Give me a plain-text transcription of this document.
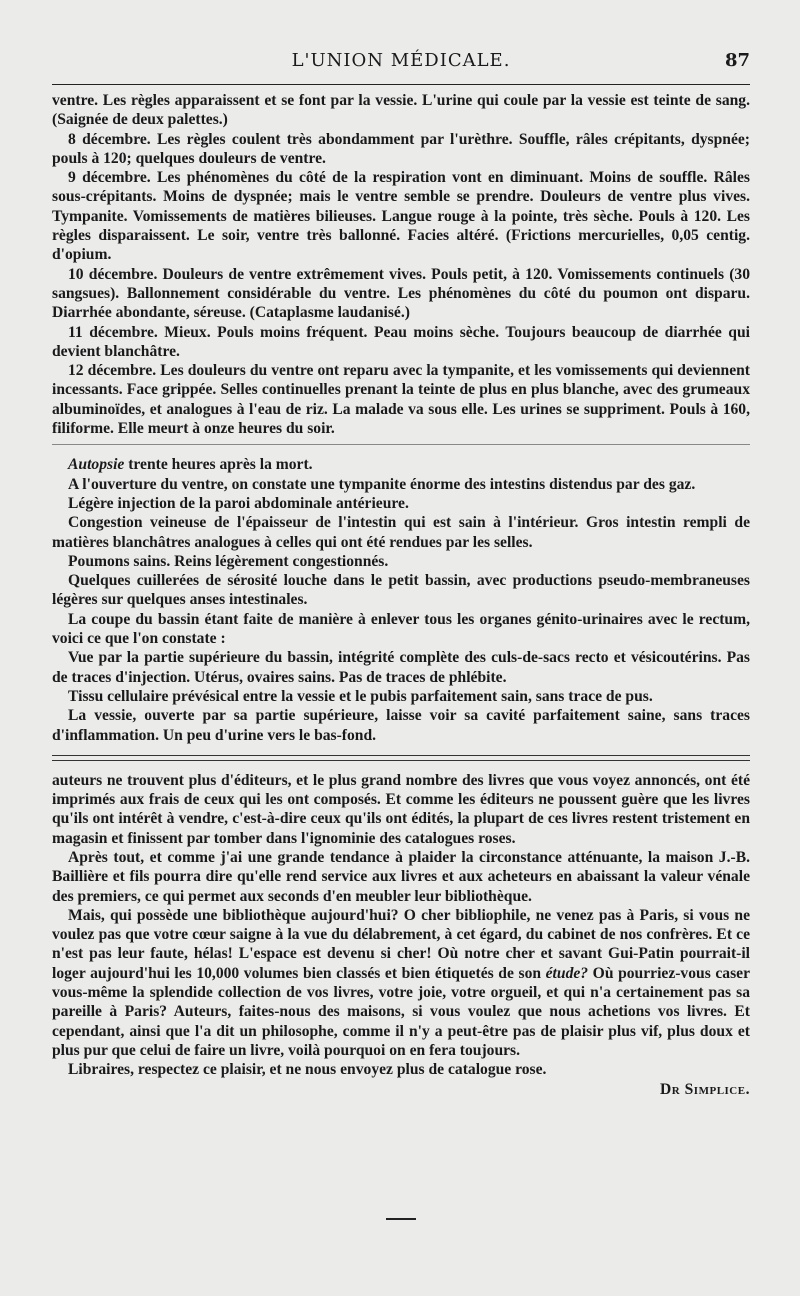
L'UNION MÉDICALE.	87

ventre. Les règles apparaissent et se font par la vessie. L'urine qui coule par la vessie est teinte de sang. (Saignée de deux palettes.)

8 décembre. Les règles coulent très abondamment par l'urèthre. Souffle, râles crépitants, dyspnée; pouls à 120; quelques douleurs de ventre.

9 décembre. Les phénomènes du côté de la respiration vont en diminuant. Moins de souffle. Râles sous-crépitants. Moins de dyspnée; mais le ventre semble se prendre. Douleurs de ventre plus vives. Tympanite. Vomissements de matières bilieuses. Langue rouge à la pointe, très sèche. Pouls à 120. Les règles disparaissent. Le soir, ventre très ballonné. Facies altéré. (Frictions mercurielles, 0,05 centig. d'opium.

10 décembre. Douleurs de ventre extrêmement vives. Pouls petit, à 120. Vomissements continuels (30 sangsues). Ballonnement considérable du ventre. Les phénomènes du côté du poumon ont disparu. Diarrhée abondante, séreuse. (Cataplasme laudanisé.)

11 décembre. Mieux. Pouls moins fréquent. Peau moins sèche. Toujours beaucoup de diarrhée qui devient blanchâtre.

12 décembre. Les douleurs du ventre ont reparu avec la tympanite, et les vomissements qui deviennent incessants. Face grippée. Selles continuelles prenant la teinte de plus en plus blanche, avec des grumeaux albuminoïdes, et analogues à l'eau de riz. La malade va sous elle. Les urines se suppriment. Pouls à 160, filiforme. Elle meurt à onze heures du soir.

Autopsie trente heures après la mort.

A l'ouverture du ventre, on constate une tympanite énorme des intestins distendus par des gaz.

Légère injection de la paroi abdominale antérieure.

Congestion veineuse de l'épaisseur de l'intestin qui est sain à l'intérieur. Gros intestin rempli de matières blanchâtres analogues à celles qui ont été rendues par les selles.

Poumons sains. Reins légèrement congestionnés.

Quelques cuillerées de sérosité louche dans le petit bassin, avec productions pseudo-membraneuses légères sur quelques anses intestinales.

La coupe du bassin étant faite de manière à enlever tous les organes génito-urinaires avec le rectum, voici ce que l'on constate :

Vue par la partie supérieure du bassin, intégrité complète des culs-de-sacs recto et vésicoutérins. Pas de traces d'injection. Utérus, ovaires sains. Pas de traces de phlébite.

Tissu cellulaire prévésical entre la vessie et le pubis parfaitement sain, sans trace de pus.

La vessie, ouverte par sa partie supérieure, laisse voir sa cavité parfaitement saine, sans traces d'inflammation. Un peu d'urine vers le bas-fond.

auteurs ne trouvent plus d'éditeurs, et le plus grand nombre des livres que vous voyez annoncés, ont été imprimés aux frais de ceux qui les ont composés. Et comme les éditeurs ne poussent guère que les livres qu'ils ont intérêt à vendre, c'est-à-dire ceux qu'ils ont édités, la plupart de ces livres restent tristement en magasin et finissent par tomber dans l'ignominie des catalogues roses.

Après tout, et comme j'ai une grande tendance à plaider la circonstance atténuante, la maison J.-B. Baillière et fils pourra dire qu'elle rend service aux livres et aux acheteurs en abaissant la valeur vénale des premiers, ce qui permet aux seconds d'en meubler leur bibliothèque.

Mais, qui possède une bibliothèque aujourd'hui? O cher bibliophile, ne venez pas à Paris, si vous ne voulez pas que votre cœur saigne à la vue du délabrement, à cet égard, du cabinet de nos confrères. Et ce n'est pas leur faute, hélas! L'espace est devenu si cher! Où notre cher et savant Gui-Patin pourrait-il loger aujourd'hui les 10,000 volumes bien classés et bien étiquetés de son étude? Où pourriez-vous caser vous-même la splendide collection de vos livres, votre joie, votre orgueil, et qui n'a certainement pas sa pareille à Paris? Auteurs, faites-nous des maisons, si vous voulez que nous achetions vos livres. Et cependant, ainsi que l'a dit un philosophe, comme il n'y a peut-être pas de plaisir plus vif, plus doux et plus pur que celui de faire un livre, voilà pourquoi on en fera toujours.

Libraires, respectez ce plaisir, et ne nous envoyez plus de catalogue rose.

Dr Simplice.
